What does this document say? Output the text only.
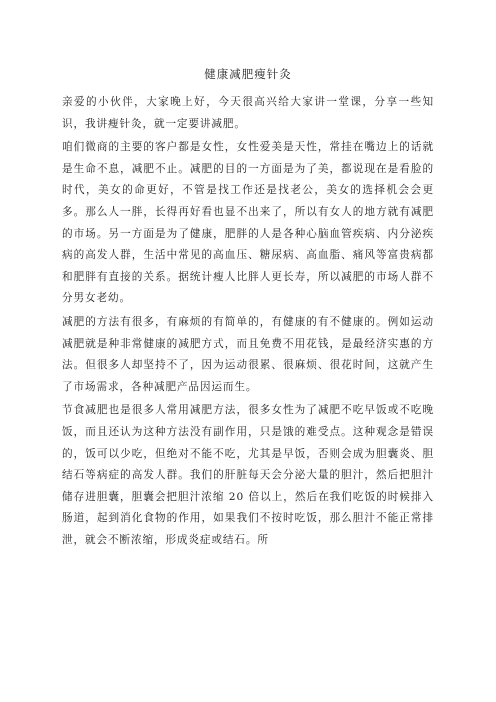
健康减肥瘦针灸

亲爱的小伙伴，大家晚上好，今天很高兴给大家讲一堂课，分享一些知识，我讲瘦针灸，就一定要讲减肥。

咱们微商的主要的客户都是女性，女性爱美是天性，常挂在嘴边上的话就是生命不息，减肥不止。减肥的目的一方面是为了美，都说现在是看脸的时代，美女的命更好，不管是找工作还是找老公，美女的选择机会会更多。那么人一胖，长得再好看也显不出来了，所以有女人的地方就有减肥的市场。另一方面是为了健康，肥胖的人是各种心脑血管疾病、内分泌疾病的高发人群，生活中常见的高血压、糖尿病、高血脂、痛风等富贵病都和肥胖有直接的关系。据统计瘦人比胖人更长寿，所以减肥的市场人群不分男女老幼。

减肥的方法有很多，有麻烦的有简单的，有健康的有不健康的。例如运动减肥就是种非常健康的减肥方式，而且免费不用花钱，是最经济实惠的方法。但很多人却坚持不了，因为运动很累、很麻烦、很花时间，这就产生了市场需求，各种减肥产品因运而生。

节食减肥也是很多人常用减肥方法，很多女性为了减肥不吃早饭或不吃晚饭，而且还认为这种方法没有副作用，只是饿的难受点。这种观念是错误的，饭可以少吃，但绝对不能不吃，尤其是早饭，否则会成为胆囊炎、胆结石等病症的高发人群。我们的肝脏每天会分泌大量的胆汁，然后把胆汁储存进胆囊，胆囊会把胆汁浓缩 20 倍以上，然后在我们吃饭的时候排入肠道，起到消化食物的作用，如果我们不按时吃饭，那么胆汁不能正常排泄，就会不断浓缩，形成炎症或结石。所
